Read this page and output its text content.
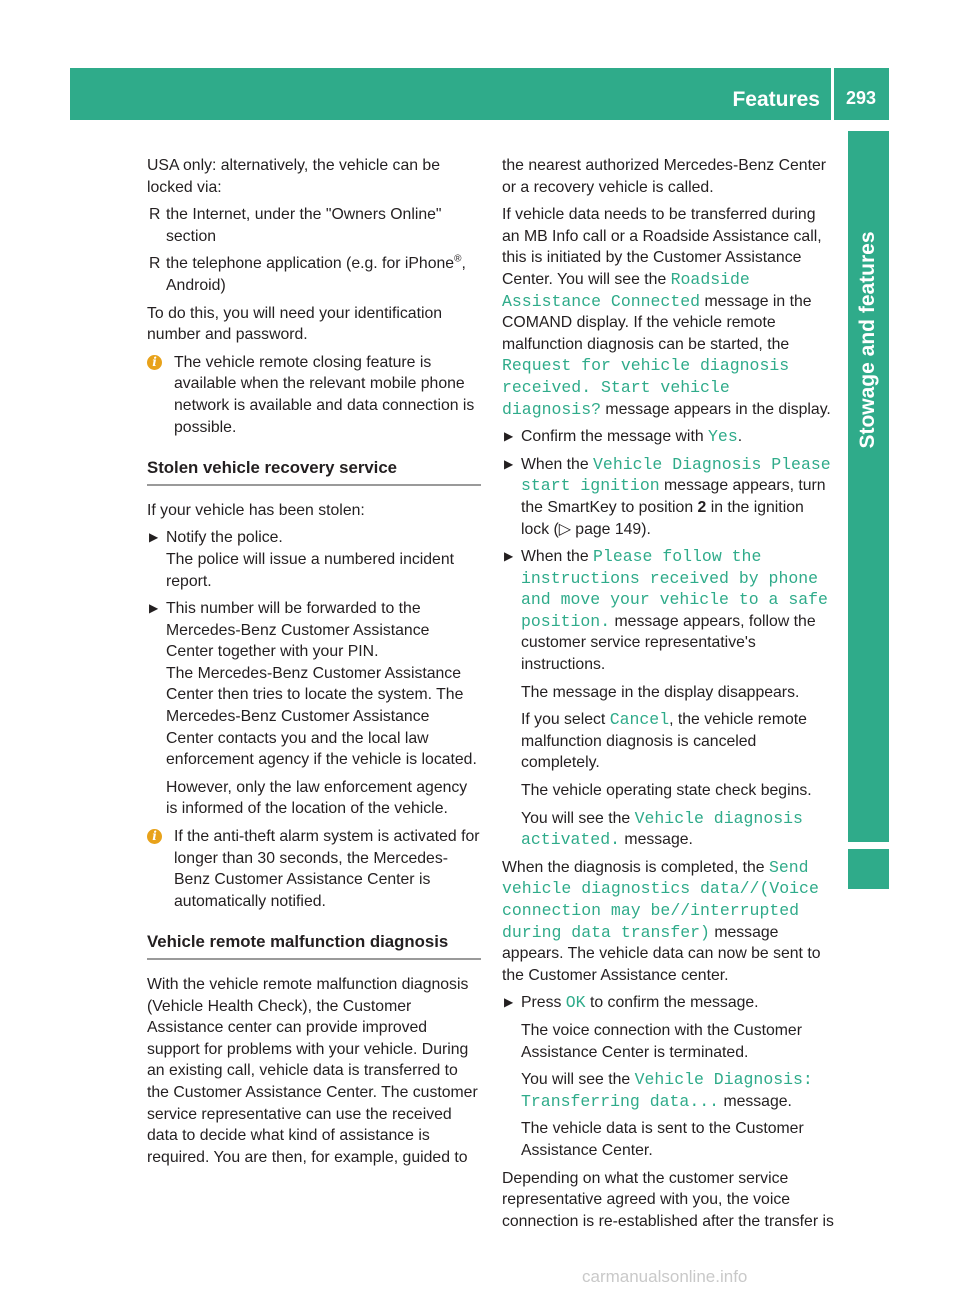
Features 293
Stowage and features

USA only: alternatively, the vehicle can be locked via:

R the Internet, under the "Owners Online" section
R the telephone application (e.g. for iPhone®, Android)

To do this, you will need your identification number and password.

i	The vehicle remote closing feature is available when the relevant mobile phone network is available and data connection is possible.
Stolen vehicle recovery service

If your vehicle has been stolen:

▶ Notify the police.
The police will issue a numbered incident report.
▶ This number will be forwarded to the Mercedes-Benz Customer Assistance Center together with your PIN.

The Mercedes-Benz Customer Assistance Center then tries to locate the system. The Mercedes-Benz Customer Assistance Center contacts you and the local law enforcement agency if the vehicle is located.

However, only the law enforcement agency is informed of the location of the vehicle.

i	If the anti-theft alarm system is activated for longer than 30 seconds, the Mercedes-Benz Customer Assistance Center is automatically notified.
Vehicle remote malfunction diagnosis

With the vehicle remote malfunction diagnosis (Vehicle Health Check), the Customer Assistance center can provide improved support for problems with your vehicle. During an existing call, vehicle data is transferred to the Customer Assistance Center. The customer service representative can use the received data to decide what kind of assistance is required. You are then, for example, guided to

the nearest authorized Mercedes-Benz Center or a recovery vehicle is called.

If vehicle data needs to be transferred during an MB Info call or a Roadside Assistance call, this is initiated by the Customer Assistance Center. You will see the Roadside Assistance Connected message in the COMAND display. If the vehicle remote malfunction diagnosis can be started, the Request for vehicle diagnosis received. Start vehicle diagnosis? message appears in the display.

▶ Confirm the message with Yes.
▶ When the Vehicle Diagnosis Please start ignition message appears, turn the SmartKey to position 2 in the ignition lock (▷ page 149).
▶ When the Please follow the instructions received by phone and move your vehicle to a safe position. message appears, follow the customer service representative's instructions.

The message in the display disappears.

If you select Cancel, the vehicle remote malfunction diagnosis is canceled completely.

The vehicle operating state check begins.

You will see the Vehicle diagnosis activated. message.

When the diagnosis is completed, the Send vehicle diagnostics data//(Voice connection may be//interrupted during data transfer) message appears. The vehicle data can now be sent to the Customer Assistance center.

▶ Press OK to confirm the message.

The voice connection with the Customer Assistance Center is terminated.

You will see the Vehicle Diagnosis: Transferring data... message.

The vehicle data is sent to the Customer Assistance Center.

Depending on what the customer service representative agreed with you, the voice connection is re-established after the transfer is

carmanualsonline.info
